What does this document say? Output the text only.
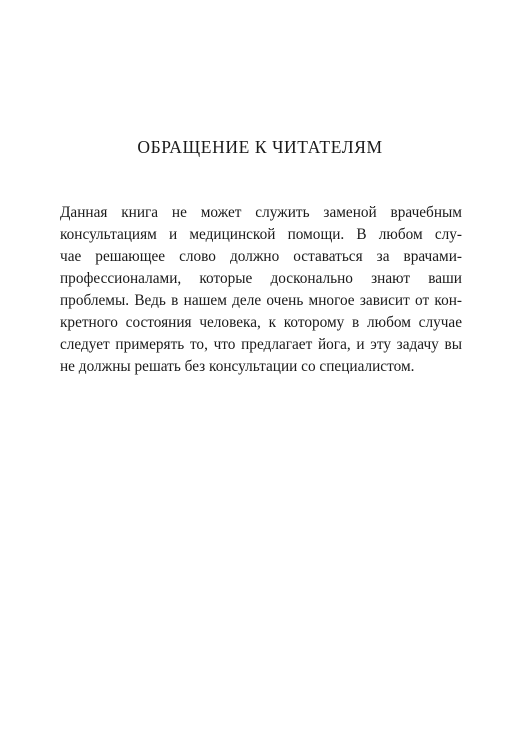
ОБРАЩЕНИЕ К ЧИТАТЕЛЯМ
Данная книга не может служить заменой врачебным
консультациям и медицинской помощи. В любом слу-
чае решающее слово должно оставаться за врачами-
профессионалами, которые досконально знают ваши
проблемы. Ведь в нашем деле очень многое зависит от кон-
кретного состояния человека, к которому в любом случае
следует примерять то, что предлагает йога, и эту задачу вы
не должны решать без консультации со специалистом.
